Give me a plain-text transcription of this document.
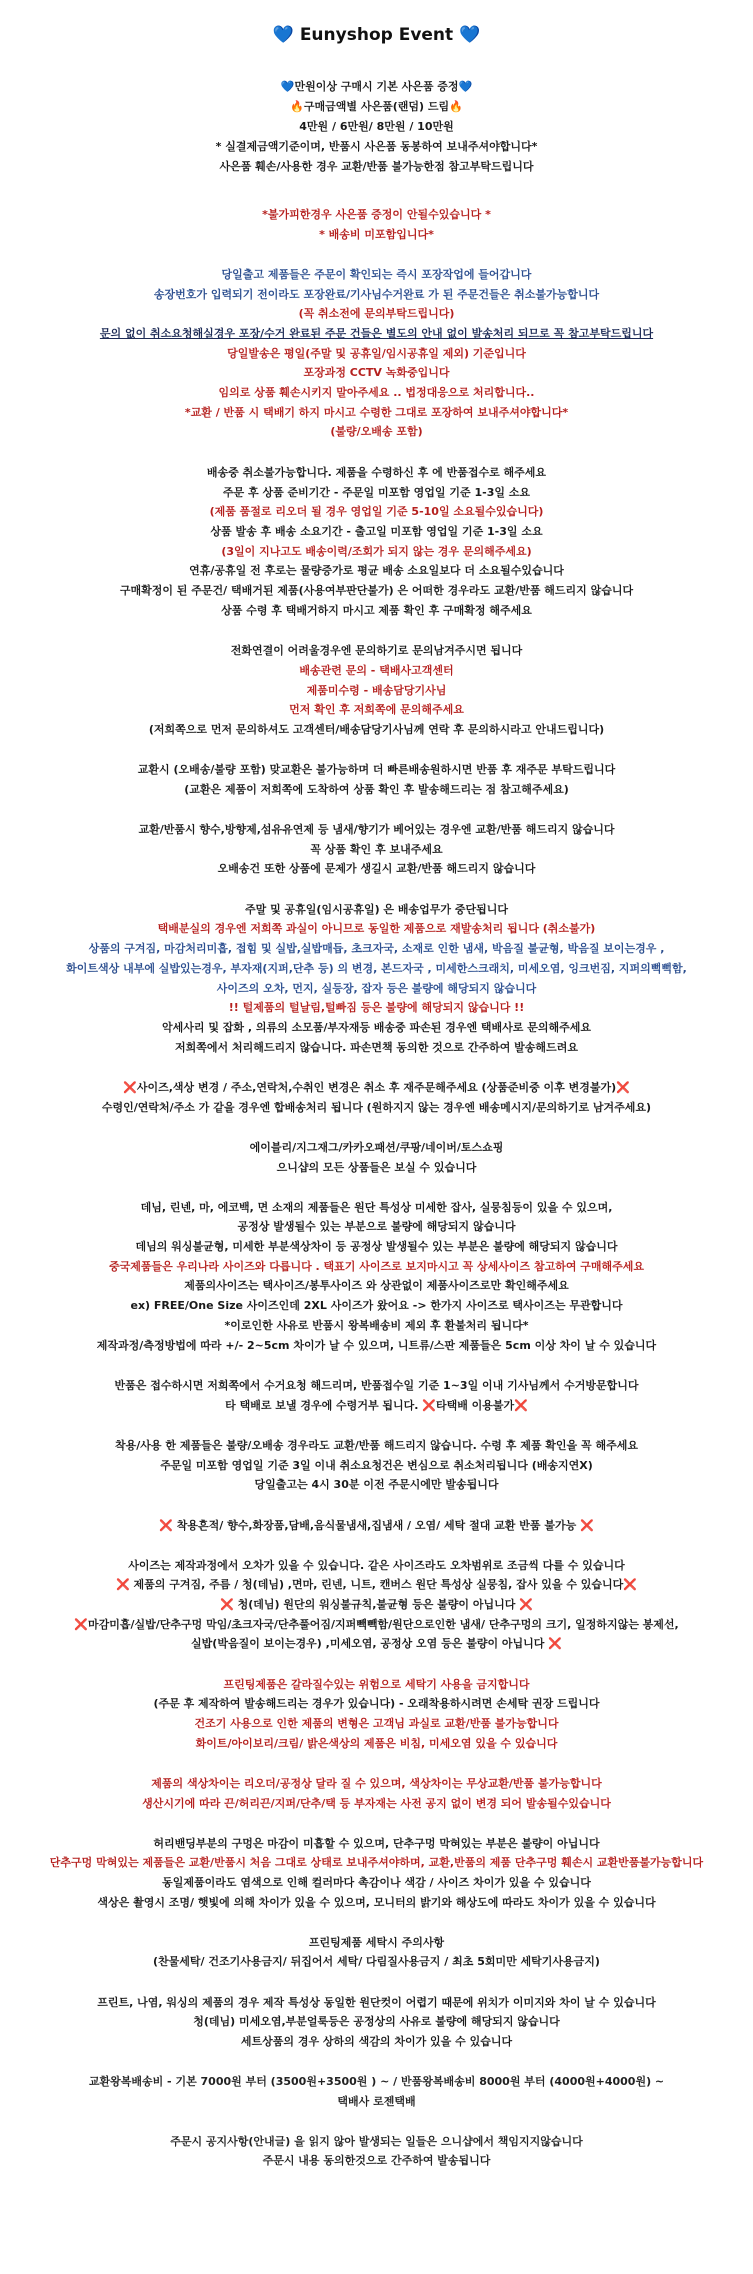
💙 Eunyshop Event 💙
💙만원이상 구매시 기본 사은품 증정💙
🔥구매금액별 사은품(랜덤) 드림🔥
4만원 / 6만원/ 8만원 / 10만원
* 실결제금액기준이며, 반품시 사은품 동봉하여 보내주셔야합니다*
사은품 훼손/사용한 경우 교환/반품 불가능한점 참고부탁드립니다
*불가피한경우 사은품 증정이 안될수있습니다 *
* 배송비 미포함입니다*
당일출고 제품들은 주문이 확인되는 즉시 포장작업에 들어갑니다
송장번호가 입력되기 전이라도 포장완료/기사님수거완료 가 된 주문건들은 취소불가능합니다
(꼭 취소전에 문의부탁드립니다)
문의 없이 취소요청해실경우 포장/수거 완료된 주문 건들은 별도의 안내 없이 발송처리 되므로 꼭 참고부탁드립니다
당일발송은 평일(주말 및 공휴일/임시공휴일 제외) 기준입니다
포장과정 CCTV 녹화중입니다
임의로 상품 훼손시키지 말아주세요 .. 법정대응으로 처리합니다..
*교환 / 반품 시 택배기 하지 마시고 수령한 그대로 포장하여 보내주셔야합니다*
(불량/오배송 포함)
배송중 취소불가능합니다. 제품을 수령하신 후 에 반품접수로 해주세요
주문 후 상품 준비기간 - 주문일 미포함 영업일 기준 1-3일 소요
(제품 품절로 리오더 될 경우 영업일 기준 5-10일 소요될수있습니다)
상품 발송 후 배송 소요기간 - 출고일 미포함 영업일 기준 1-3일 소요
(3일이 지나고도 배송이력/조회가 되지 않는 경우 문의해주세요)
연휴/공휴일 전 후로는 물량증가로 평균 배송 소요일보다 더 소요될수있습니다
구매확정이 된 주문건/ 택배거된 제품(사용여부판단불가) 은 어떠한 경우라도 교환/반품 해드리지 않습니다
상품 수령 후 택배거하지 마시고 제품 확인 후 구매확정 해주세요
전화연결이 어려울경우엔 문의하기로 문의남겨주시면 됩니다
배송관련 문의 - 택배사고객센터
제품미수령 - 배송담당기사님
먼저 확인 후 저희쪽에 문의해주세요
(저희쪽으로 먼저 문의하셔도 고객센터/배송담당기사님께 연락 후 문의하시라고 안내드립니다)
교환시 (오배송/불량 포함) 맞교환은 불가능하며 더 빠른배송원하시면 반품 후 재주문 부탁드립니다
(교환은 제품이 저희쪽에 도착하여 상품 확인 후 발송해드리는 점 참고해주세요)
교환/반품시 향수,방향제,섬유유연제 등 냄새/향기가 베어있는 경우엔 교환/반품 해드리지 않습니다
꼭 상품 확인 후 보내주세요
오배송건 또한 상품에 문제가 생길시 교환/반품 해드리지 않습니다
주말 및 공휴일(임시공휴일) 은 배송업무가 중단됩니다
택배분실의 경우엔 저희쪽 과실이 아니므로 동일한 제품으로 재발송처리 됩니다 (취소불가)
상품의 구겨짐, 마감처리미흡, 접힘 및 실밥,실밥매듭, 초크자국, 소재로 인한 냄새, 박음질 불균형, 박음질 보이는경우 ,
화이트색상 내부에 실밥있는경우, 부자재(지퍼,단추 등) 의 변경, 본드자국 , 미세한스크래치, 미세오염, 잉크번짐, 지퍼의뻑뻑함,
사이즈의 오차, 먼지, 실등장, 잡자 등은 불량에 해당되지 않습니다
!! 털제품의 털날림,털빠짐 등은 불량에 해당되지 않습니다 !!
악세사리 및 잡화 , 의류의 소모품/부자재등 배송중 파손된 경우엔 택배사로 문의해주세요
저희쪽에서 처리해드리지 않습니다. 파손면책 동의한 것으로 간주하여 발송해드려요
❌사이즈,색상 변경 / 주소,연락처,수취인 변경은 취소 후 재주문해주세요 (상품준비중 이후 변경불가)❌
수령인/연락처/주소 가 같을 경우엔 합배송처리 됩니다 (원하지지 않는 경우엔 배송메시지/문의하기로 남겨주세요)
에이블리/지그재그/카카오패션/쿠팡/네이버/토스쇼핑
으니샵의 모든 상품들은 보실 수 있습니다
데님, 린넨, 마, 에코백, 면 소재의 제품들은 원단 특성상 미세한 잡사, 실뭉침등이 있을 수 있으며,
공정상 발생될수 있는 부분으로 불량에 해당되지 않습니다
데님의 워싱불균형, 미세한 부분색상차이 등 공정상 발생될수 있는 부분은 불량에 해당되지 않습니다
중국제품들은 우리나라 사이즈와 다릅니다 . 택표기 사이즈로 보지마시고 꼭 상세사이즈 참고하여 구매해주세요
제품의사이즈는 택사이즈/봉투사이즈 와 상관없이 제품사이즈로만 확인해주세요
ex) FREE/One Size 사이즈인데 2XL 사이즈가 왔어요 -> 한가지 사이즈로 택사이즈는 무관합니다
*이로인한 사유로 반품시 왕복배송비 제외 후 환불처리 됩니다*
제작과정/측정방법에 따라 +/- 2~5cm 차이가 날 수 있으며, 니트류/스판 제품들은 5cm 이상 차이 날 수 있습니다
반품은 접수하시면 저희쪽에서 수거요청 해드리며, 반품접수일 기준 1~3일 이내 기사님께서 수거방문합니다
타 택배로 보낼 경우에 수령거부 됩니다. ❌타택배 이용불가❌
착용/사용 한 제품들은 불량/오배송 경우라도 교환/반품 해드리지 않습니다. 수령 후 제품 확인을 꼭 해주세요
주문일 미포함 영업일 기준 3일 이내 취소요청건은 변심으로 취소처리됩니다 (배송지연X)
당일출고는 4시 30분 이전 주문시에만 발송됩니다
❌ 착용흔적/ 향수,화장품,담배,음식물냄새,집냄새 / 오염/ 세탁 절대 교환 반품 불가능 ❌
사이즈는 제작과정에서 오차가 있을 수 있습니다. 같은 사이즈라도 오차범위로 조금씩 다를 수 있습니다
❌ 제품의 구겨짐, 주름 / 청(데님) ,면마, 린넨, 니트, 캔버스 원단 특성상 실뭉침, 잡사 있을 수 있습니다❌
❌ 청(데님) 원단의 워싱불규칙,불균형 등은 불량이 아닙니다 ❌
❌마감미흡/실밥/단추구멍 막임/초크자국/단추풀어짐/지퍼빽빽함/원단으로인한 냄새/ 단추구멍의 크기, 일정하지않는 봉제선,
실밥(박음질이 보이는경우) ,미세오염, 공정상 오염 등은 불량이 아닙니다 ❌
프린팅제품은 갈라질수있는 위험으로 세탁기 사용을 금지합니다
(주문 후 제작하여 발송해드리는 경우가 있습니다) - 오래착용하시려면 손세탁 권장 드립니다
건조기 사용으로 인한 제품의 변형은 고객님 과실로 교환/반품 불가능합니다
화이트/아이보리/크림/ 밝은색상의 제품은 비침, 미세오염 있을 수 있습니다
제품의 색상차이는 리오더/공정상 달라 질 수 있으며, 색상차이는 무상교환/반품 불가능합니다
생산시기에 따라 끈/허리끈/지퍼/단추/택 등 부자재는 사전 공지 없이 변경 되어 발송될수있습니다
허리밴딩부분의 구멍은 마감이 미흡할 수 있으며, 단추구멍 막혀있는 부분은 불량이 아닙니다
단추구멍 막혀있는 제품들은 교환/반품시 처음 그대로 상태로 보내주셔야하며, 교환,반품의 제품 단추구멍 훼손시 교환반품불가능합니다
동일제품이라도 염색으로 인해 컬러마다 촉감이나 색감 / 사이즈 차이가 있을 수 있습니다
색상은 촬영시 조명/ 햇빛에 의해 차이가 있을 수 있으며, 모니터의 밝기와 해상도에 따라도 차이가 있을 수 있습니다
프린팅제품 세탁시 주의사항
(찬물세탁/ 건조기사용금지/ 뒤집어서 세탁/ 다림질사용금지 / 최초 5회미만 세탁기사용금지)
프린트, 나염, 워싱의 제품의 경우 제작 특성상 동일한 원단컷이 어렵기 때문에 위치가 이미지와 차이 날 수 있습니다
청(데님) 미세오염,부분얼룩등은 공정상의 사유로 불량에 해당되지 않습니다
세트상품의 경우 상하의 색감의 차이가 있을 수 있습니다
교환왕복배송비 - 기본 7000원 부터 (3500원+3500원 ) ~ / 반품왕복배송비 8000원 부터 (4000원+4000원) ~
택배사 로젠택배
주문시 공지사항(안내글) 을 읽지 않아 발생되는 일들은 으니샵에서 책임지지않습니다
주문시 내용 동의한것으로 간주하여 발송됩니다
